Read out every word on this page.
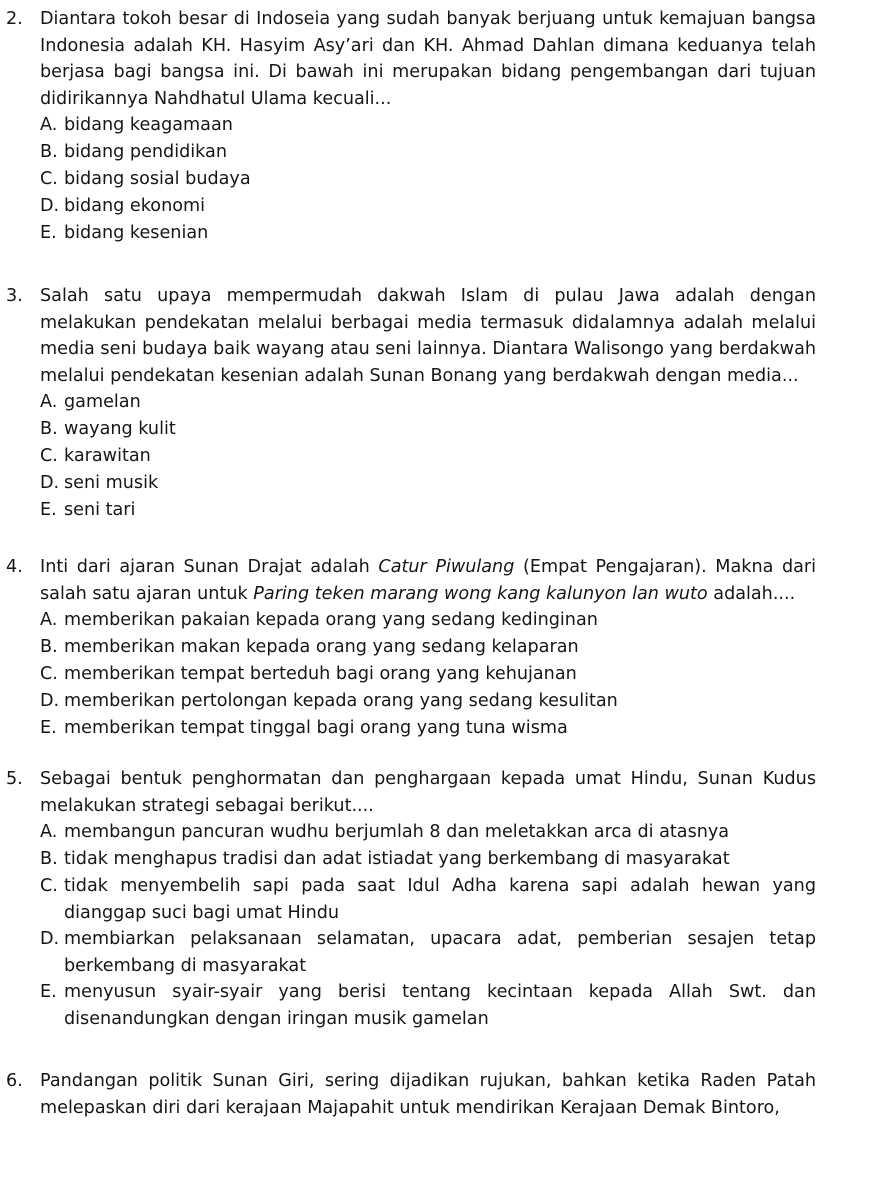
2. Diantara tokoh besar di Indoseia yang sudah banyak berjuang untuk kemajuan bangsa Indonesia adalah KH. Hasyim Asy’ari dan KH. Ahmad Dahlan dimana keduanya telah berjasa bagi bangsa ini. Di bawah ini merupakan bidang pengembangan dari tujuan didirikannya Nahdhatul Ulama kecuali...
A. bidang keagamaan
B. bidang pendidikan
C. bidang sosial budaya
D. bidang ekonomi
E. bidang kesenian
3. Salah satu upaya mempermudah dakwah Islam di pulau Jawa adalah dengan melakukan pendekatan melalui berbagai media termasuk didalamnya adalah melalui media seni budaya baik wayang atau seni lainnya. Diantara Walisongo yang berdakwah melalui pendekatan kesenian adalah Sunan Bonang yang berdakwah dengan media...
A. gamelan
B. wayang kulit
C. karawitan
D. seni musik
E. seni tari
4. Inti dari ajaran Sunan Drajat adalah Catur Piwulang (Empat Pengajaran). Makna dari salah satu ajaran untuk Paring teken marang wong kang kalunyon lan wuto adalah....
A. memberikan pakaian kepada orang yang sedang kedinginan
B. memberikan makan kepada orang yang sedang kelaparan
C. memberikan tempat berteduh bagi orang yang kehujanan
D. memberikan pertolongan kepada orang yang sedang kesulitan
E. memberikan tempat tinggal bagi orang yang tuna wisma
5. Sebagai bentuk penghormatan dan penghargaan kepada umat Hindu, Sunan Kudus melakukan strategi sebagai berikut....
A. membangun pancuran wudhu berjumlah 8 dan meletakkan arca di atasnya
B. tidak menghapus tradisi dan adat istiadat yang berkembang di masyarakat
C. tidak menyembelih sapi pada saat Idul Adha karena sapi adalah hewan yang dianggap suci bagi umat Hindu
D. membiarkan pelaksanaan selamatan, upacara adat, pemberian sesajen tetap berkembang di masyarakat
E. menyusun syair-syair yang berisi tentang kecintaan kepada Allah Swt. dan disenandungkan dengan iringan musik gamelan
6. Pandangan politik Sunan Giri, sering dijadikan rujukan, bahkan ketika Raden Patah melepaskan diri dari kerajaan Majapahit untuk mendirikan Kerajaan Demak Bintoro,
